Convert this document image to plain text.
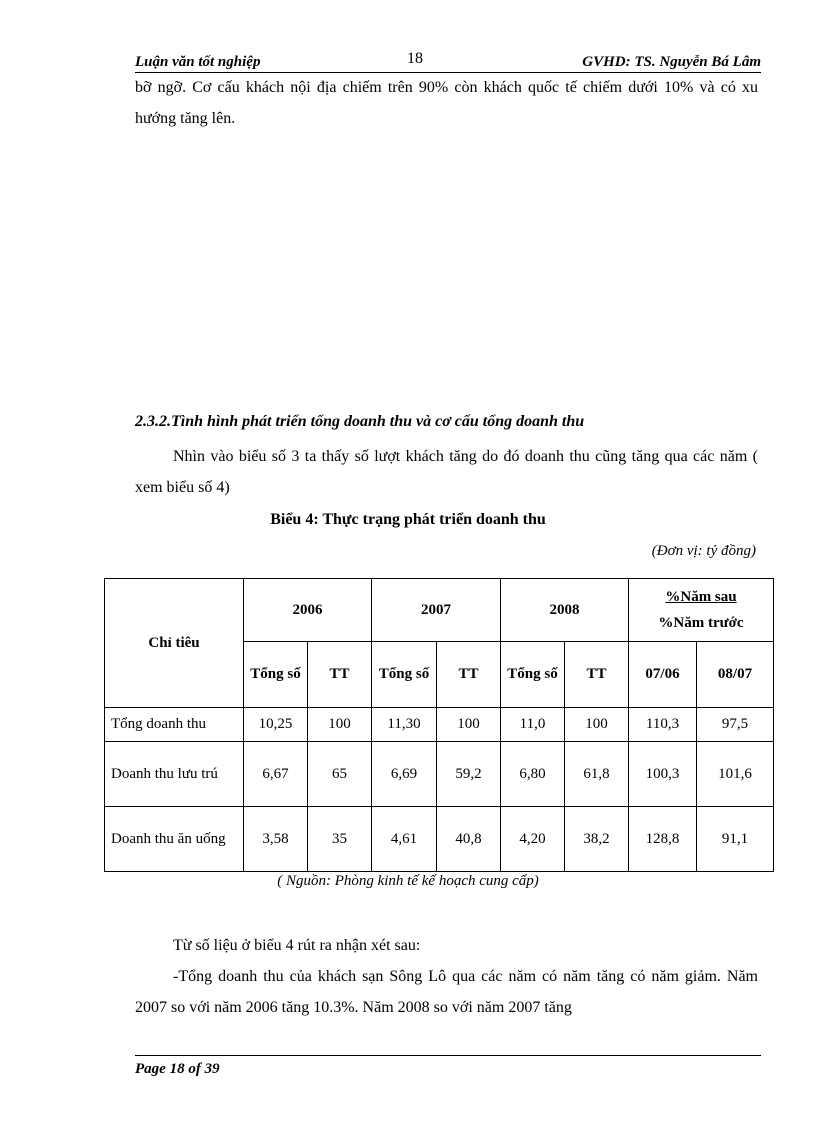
Luận văn tốt nghiệp	18	GVHD: TS. Nguyễn Bá Lâm

bỡ ngỡ. Cơ cấu khách nội địa chiếm trên 90% còn khách quốc tế chiếm dưới 10% và có xu hướng tăng lên.

2.3.2.Tình hình phát triển tổng doanh thu và cơ cấu tổng doanh thu

Nhìn vào biểu số 3 ta thấy số lượt khách tăng do đó doanh thu cũng tăng qua các năm ( xem biểu số 4)

Biểu 4: Thực trạng phát triển doanh thu
(Đơn vị: tỷ đồng)
Chỉ tiêu	2006		2007		2008		%Năm sau
%Năm trước	
	Tổng số	TT	Tổng số	TT	Tổng số	TT	07/06	08/07
Tổng doanh thu	10,25	100	11,30	100	11,0	100	110,3	97,5
Doanh thu lưu trú	6,67	65	6,69	59,2	6,80	61,8	100,3	101,6
Doanh thu ăn uống	3,58	35	4,61	40,8	4,20	38,2	128,8	91,1
( Nguồn: Phòng kinh tế kế hoạch cung cấp)

Từ số liệu ở biểu 4 rút ra nhận xét sau:

-Tổng doanh thu của khách sạn Sông Lô qua các năm có năm tăng có năm giảm. Năm 2007 so với năm 2006 tăng 10.3%. Năm 2008 so với năm 2007 tăng

Page 18 of 39
